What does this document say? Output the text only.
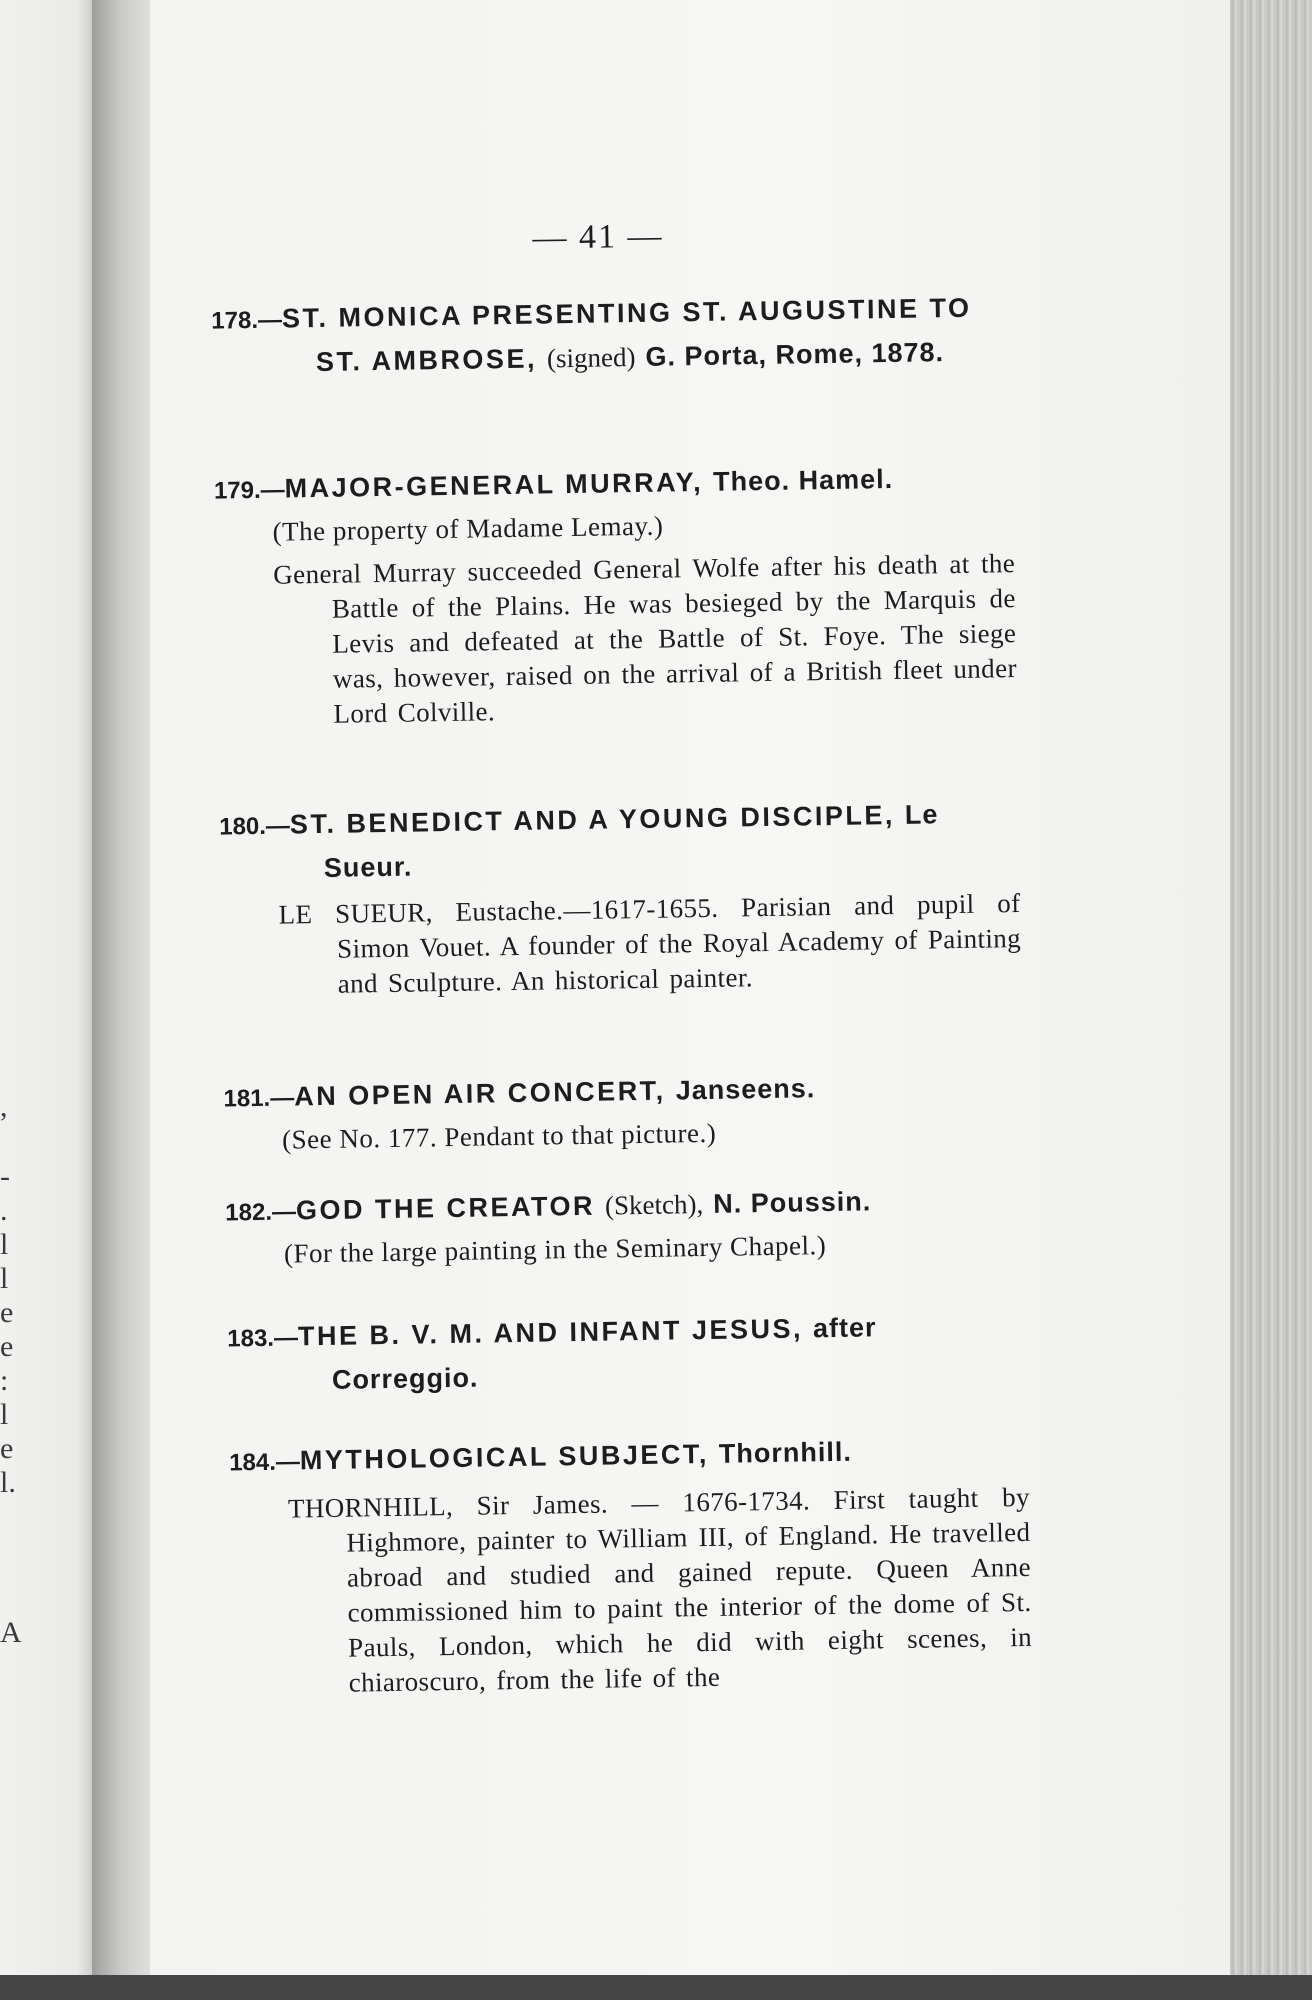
,
-
.
l
l
e
e
:
l
e
l.
A
— 41 —
178.—ST. MONICA PRESENTING ST. AUGUSTINE TO ST. AMBROSE, (signed) G. Porta, Rome, 1878.
179.—MAJOR-GENERAL MURRAY, Theo. Hamel.
(The property of Madame Lemay.)
General Murray succeeded General Wolfe after his death at the Battle of the Plains. He was besieged by the Marquis de Levis and defeated at the Battle of St. Foye. The siege was, however, raised on the arrival of a British fleet under Lord Colville.
180.—ST. BENEDICT AND A YOUNG DISCIPLE, Le Sueur.
LE SUEUR, Eustache.—1617-1655. Parisian and pupil of Simon Vouet. A founder of the Royal Academy of Painting and Sculpture. An historical painter.
181.—AN OPEN AIR CONCERT, Janseens.
(See No. 177. Pendant to that picture.)
182.—GOD THE CREATOR (Sketch), N. Poussin.
(For the large painting in the Seminary Chapel.)
183.—THE B. V. M. AND INFANT JESUS, after Correggio.
184.—MYTHOLOGICAL SUBJECT, Thornhill.
THORNHILL, Sir James. — 1676-1734. First taught by Highmore, painter to William III, of England. He travelled abroad and studied and gained repute. Queen Anne commissioned him to paint the interior of the dome of St. Pauls, London, which he did with eight scenes, in chiaroscuro, from the life of the
